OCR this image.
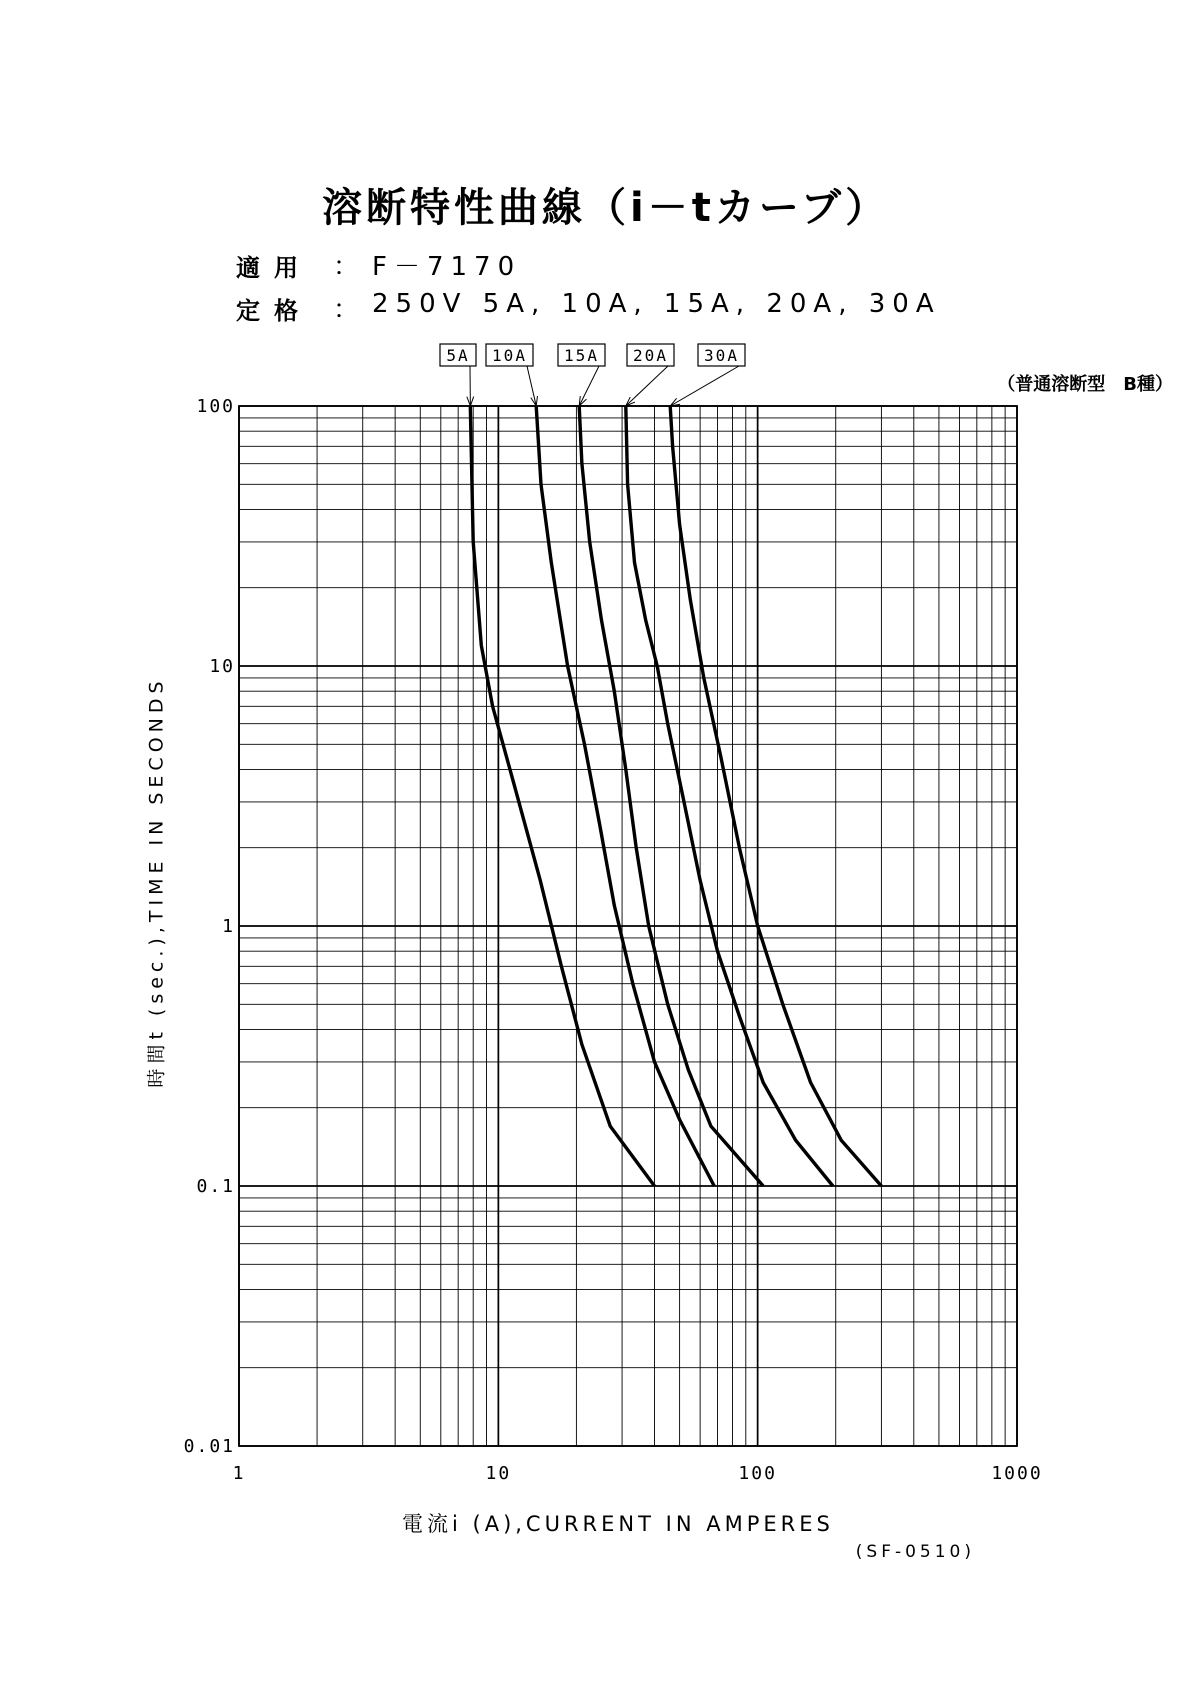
溶断特性曲線（i－tカーブ）
適用 ： F－7170
定格 ： 250V 5A, 10A, 15A, 20A, 30A
（普通溶断型　B種）
時間t (sec.),TIME IN SECONDS
電流i (A),CURRENT IN AMPERES
(SF-0510)
1	10	100	1000
0.01
0.1
1
10
100
5A 10A 15A 20A 30A
